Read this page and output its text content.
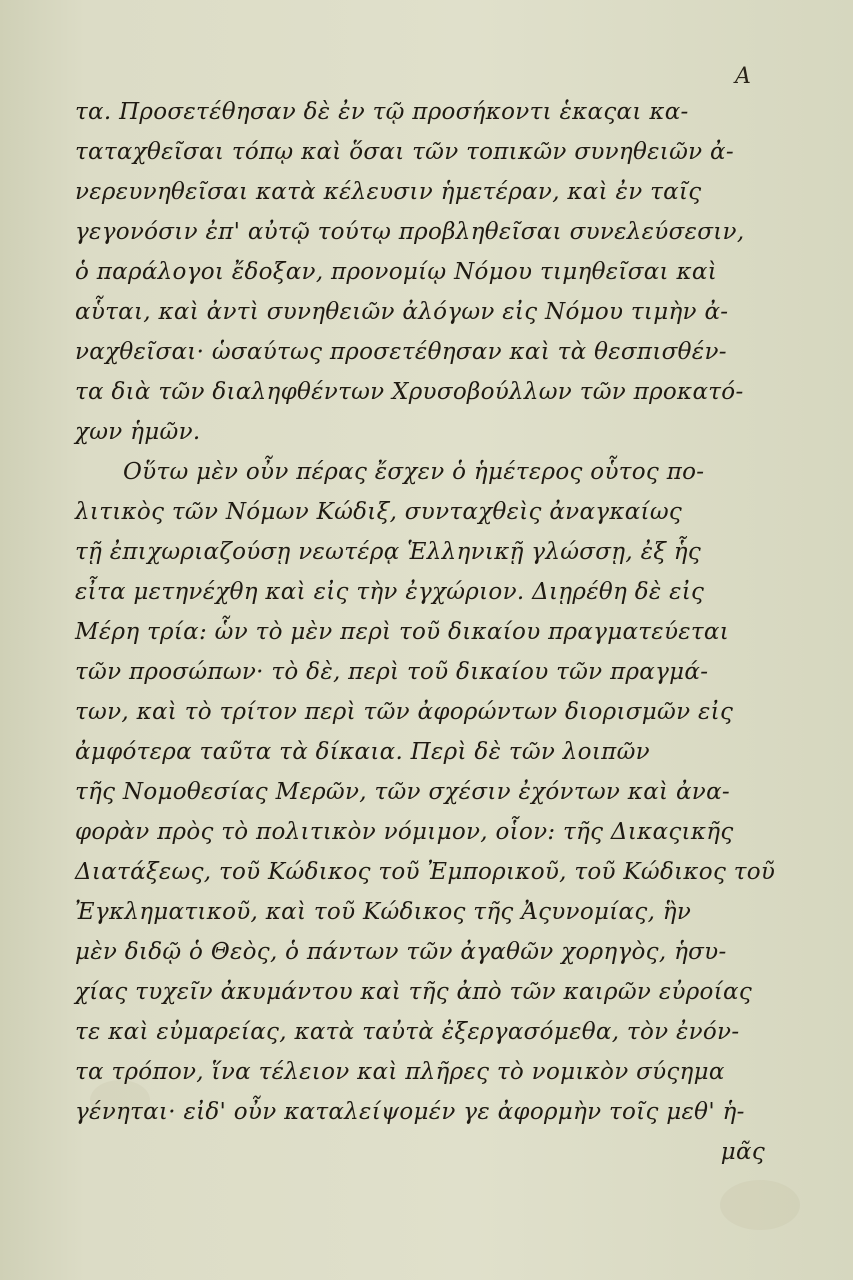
A
τα. Προσετέθησαν δὲ ἐν τῷ προσήκοντι ἑκαςαι κα-
ταταχθεῖσαι τόπῳ καὶ ὅσαι τῶν τοπικῶν συνηθειῶν ἀ-
νερευνηθεῖσαι κατὰ κέλευσιν ἡμετέραν, καὶ ἐν ταῖς
γεγονόσιν ἐπ' αὐτῷ τούτῳ προβληθεῖσαι συνελεύσεσιν,
ὁ παράλογοι ἔδοξαν, προνομίῳ Νόμου τιμηθεῖσαι καὶ
αὗται, καὶ ἀντὶ συνηθειῶν ἀλόγων εἰς Νόμου τιμὴν ἀ-
ναχθεῖσαι· ὡσαύτως προσετέθησαν καὶ τὰ θεσπισθέν-
τα διὰ τῶν διαληφθέντων Χρυσοβούλλων τῶν προκατό-
χων ἡμῶν.
Οὕτω μὲν οὖν πέρας ἔσχεν ὁ ἡμέτερος οὗτος πο-
λιτικὸς τῶν Νόμων Κώδιξ, συνταχθεὶς ἀναγκαίως
τῇ ἐπιχωριαζούσῃ νεωτέρᾳ Ἑλληνικῇ γλώσσῃ, ἐξ ἧς
εἶτα μετηνέχθη καὶ εἰς τὴν ἐγχώριον. Διῃρέθη δὲ εἰς
Μέρη τρία: ὧν τὸ μὲν περὶ τοῦ δικαίου πραγματεύεται
τῶν προσώπων· τὸ δὲ, περὶ τοῦ δικαίου τῶν πραγμά-
των, καὶ τὸ τρίτον περὶ τῶν ἀφορώντων διορισμῶν εἰς
ἀμφότερα ταῦτα τὰ δίκαια. Περὶ δὲ τῶν λοιπῶν
τῆς Νομοθεσίας Μερῶν, τῶν σχέσιν ἐχόντων καὶ ἀνα-
φορὰν πρὸς τὸ πολιτικὸν νόμιμον, οἷον: τῆς Δικαςικῆς
Διατάξεως, τοῦ Κώδικος τοῦ Ἐμπορικοῦ, τοῦ Κώδικος τοῦ
Ἐγκληματικοῦ, καὶ τοῦ Κώδικος τῆς Ἀςυνομίας, ἣν
μὲν διδῷ ὁ Θεὸς, ὁ πάντων τῶν ἀγαθῶν χορηγὸς, ἡσυ-
χίας τυχεῖν ἀκυμάντου καὶ τῆς ἀπὸ τῶν καιρῶν εὐροίας
τε καὶ εὐμαρείας, κατὰ ταὐτὰ ἐξεργασόμεθα, τὸν ἐνόν-
τα τρόπον, ἵνα τέλειον καὶ πλῆρες τὸ νομικὸν σύςημα
γένηται· εἰδ' οὖν καταλείψομέν γε ἀφορμὴν τοῖς μεθ' ἡ-
μᾶς
